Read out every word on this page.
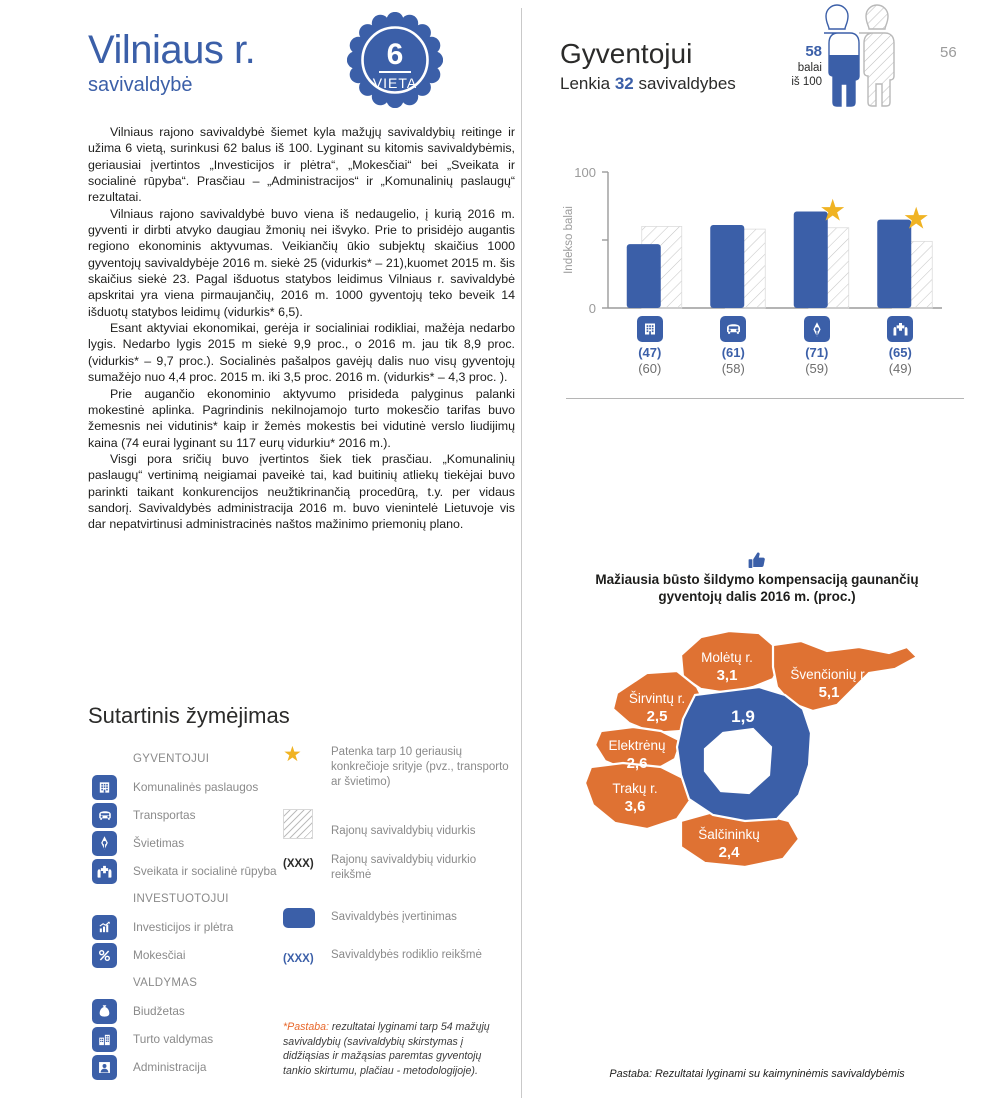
Vilniaus r.
savivaldybė
6
VIETA

Vilniaus rajono savivaldybė šiemet kyla mažųjų savivaldybių reitinge ir užima 6 vietą, surinkusi 62 balus iš 100. Lyginant su kitomis savivaldybėmis, geriausiai įvertintos „Investicijos ir plėtra“, „Mokesčiai“ bei „Sveikata ir socialinė rūpyba“. Prasčiau – „Administracijos“ ir „Komunalinių paslaugų“ rezultatai.

Vilniaus rajono savivaldybė buvo viena iš nedaugelio, į kurią 2016 m. gyventi ir dirbti atvyko daugiau žmonių nei išvyko. Prie to prisidėjo augantis regiono ekonominis aktyvumas. Veikiančių ūkio subjektų skaičius 1000 gyventojų savivaldybėje 2016 m. siekė 25 (vidurkis* – 21),kuomet 2015 m. šis skaičius siekė 23. Pagal išduotus statybos leidimus Vilniaus r. savivaldybė apskritai yra viena pirmaujančių, 2016 m. 1000 gyventojų teko beveik 14 išduotų statybos leidimų (vidurkis* 6,5).

Esant aktyviai ekonomikai, gerėja ir socialiniai rodikliai, mažėja nedarbo lygis. Nedarbo lygis 2015 m siekė 9,9 proc., o 2016 m. jau tik 8,9 proc. (vidurkis* – 9,7 proc.). Socialinės pašalpos gavėjų dalis nuo visų gyventojų sumažėjo nuo 4,4 proc. 2015 m. iki 3,5 proc. 2016 m. (vidurkis* – 4,3 proc. ).

Prie augančio ekonominio aktyvumo prisideda palyginus palanki mokestinė aplinka. Pagrindinis nekilnojamojo turto mokesčio tarifas buvo žemesnis nei vidutinis* kaip ir žemės mokestis bei vidutinė verslo liudijimų kaina (74 eurai lyginant su 117 eurų vidurkiu* 2016 m.).

Visgi pora sričių buvo įvertintos šiek tiek prasčiau. „Komunalinių paslaugų“ vertinimą neigiamai paveikė tai, kad buitinių atliekų tiekėjai buvo parinkti taikant konkurencijos neužtikrinančią procedūrą, t.y. per vidaus sandorį. Savivaldybės administracija 2016 m. buvo vienintelė Lietuvoje vis dar nepatvirtinusi administracinės naštos mažinimo priemonių plano.

Sutartinis žymėjimas
GYVENTOJUI
Komunalinės paslaugos
Transportas
Švietimas
Sveikata ir socialinė rūpyba
INVESTUOTOJUI
Investicijos ir plėtra
Mokesčiai
VALDYMAS
Biudžetas
Turto valdymas
Administracija
★	Patenka tarp 10 geriausių konkrečioje srityje (pvz., transporto ar švietimo)
Rajonų savivaldybių vidurkis
(XXX)	Rajonų savivaldybių vidurkio reikšmė
Savivaldybės įvertinimas
(XXX)	Savivaldybės rodiklio reikšmė
*Pastaba: rezultatai lyginami tarp 54 mažųjų savivaldybių (savivaldybių skirstymas į didžiąsias ir mažąsias paremtas gyventojų tankio skirtumu, plačiau - metodologijoje).
Gyventojui
Lenkia 32 savivaldybes
58
balai
iš 100
56
100
0
Indekso balai	★ ★
(47)
(60)
(61)
(58)
(71)
(59)
(65)
(49)
Mažiausia būsto šildymo kompensaciją gaunančių
gyventojų dalis 2016 m. (proc.)
Molėtų r.
3,1	Švenčionių r.
5,1
Širvintų r.
2,5	1,9
Elektrėnų
2,6
Trakų r.
3,6
Šalčininkų
2,4
Pastaba: Rezultatai lyginami su kaimyninėmis savivaldybėmis
